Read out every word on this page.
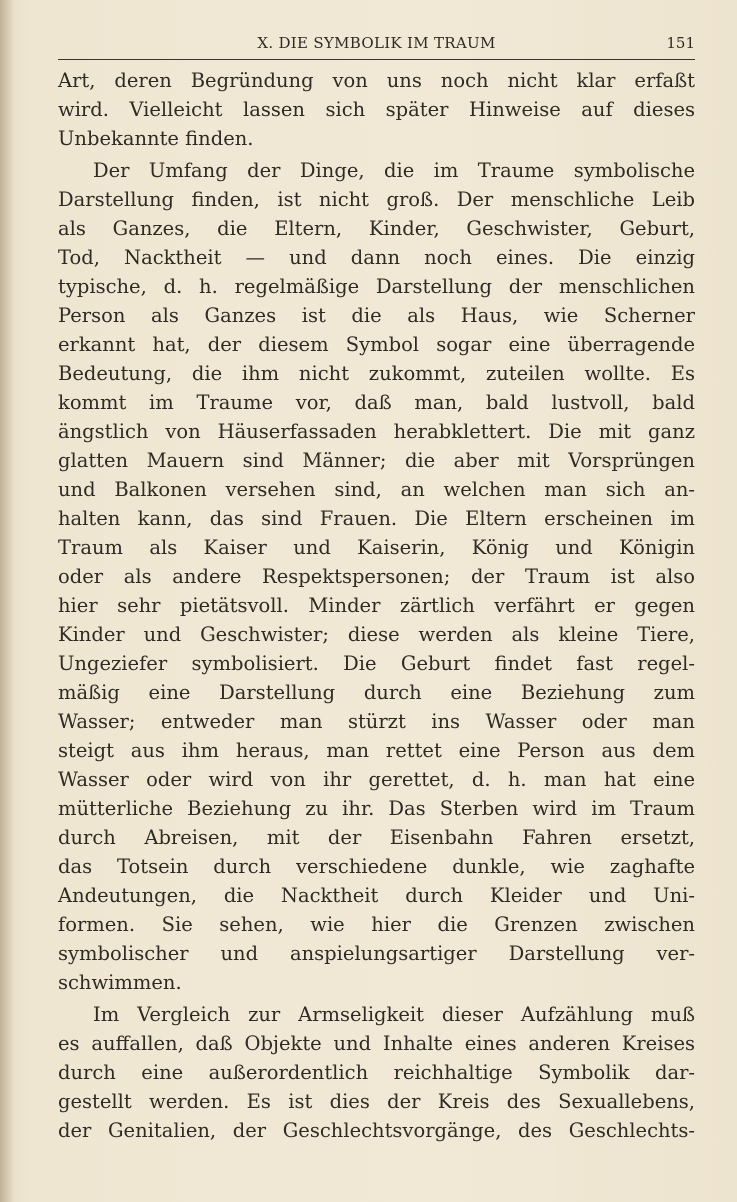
X. DIE SYMBOLIK IM TRAUM	151
Art, deren Begründung von uns noch nicht klar erfaßt
wird. Vielleicht lassen sich später Hinweise auf dieses
Unbekannte finden.
Der Umfang der Dinge, die im Traume symbolische
Darstellung finden, ist nicht groß. Der menschliche Leib
als Ganzes, die Eltern, Kinder, Geschwister, Geburt,
Tod, Nacktheit — und dann noch eines. Die einzig
typische, d. h. regelmäßige Darstellung der menschlichen
Person als Ganzes ist die als Haus, wie Scherner
erkannt hat, der diesem Symbol sogar eine überragende
Bedeutung, die ihm nicht zukommt, zuteilen wollte. Es
kommt im Traume vor, daß man, bald lustvoll, bald
ängstlich von Häuserfassaden herabklettert. Die mit ganz
glatten Mauern sind Männer; die aber mit Vorsprüngen
und Balkonen versehen sind, an welchen man sich an-
halten kann, das sind Frauen. Die Eltern erscheinen im
Traum als Kaiser und Kaiserin, König und Königin
oder als andere Respektspersonen; der Traum ist also
hier sehr pietätsvoll. Minder zärtlich verfährt er gegen
Kinder und Geschwister; diese werden als kleine Tiere,
Ungeziefer symbolisiert. Die Geburt findet fast regel-
mäßig eine Darstellung durch eine Beziehung zum
Wasser; entweder man stürzt ins Wasser oder man
steigt aus ihm heraus, man rettet eine Person aus dem
Wasser oder wird von ihr gerettet, d. h. man hat eine
mütterliche Beziehung zu ihr. Das Sterben wird im Traum
durch Abreisen, mit der Eisenbahn Fahren ersetzt,
das Totsein durch verschiedene dunkle, wie zaghafte
Andeutungen, die Nacktheit durch Kleider und Uni-
formen. Sie sehen, wie hier die Grenzen zwischen
symbolischer und anspielungsartiger Darstellung ver-
schwimmen.
Im Vergleich zur Armseligkeit dieser Aufzählung muß
es auffallen, daß Objekte und Inhalte eines anderen Kreises
durch eine außerordentlich reichhaltige Symbolik dar-
gestellt werden. Es ist dies der Kreis des Sexuallebens,
der Genitalien, der Geschlechtsvorgänge, des Geschlechts-
